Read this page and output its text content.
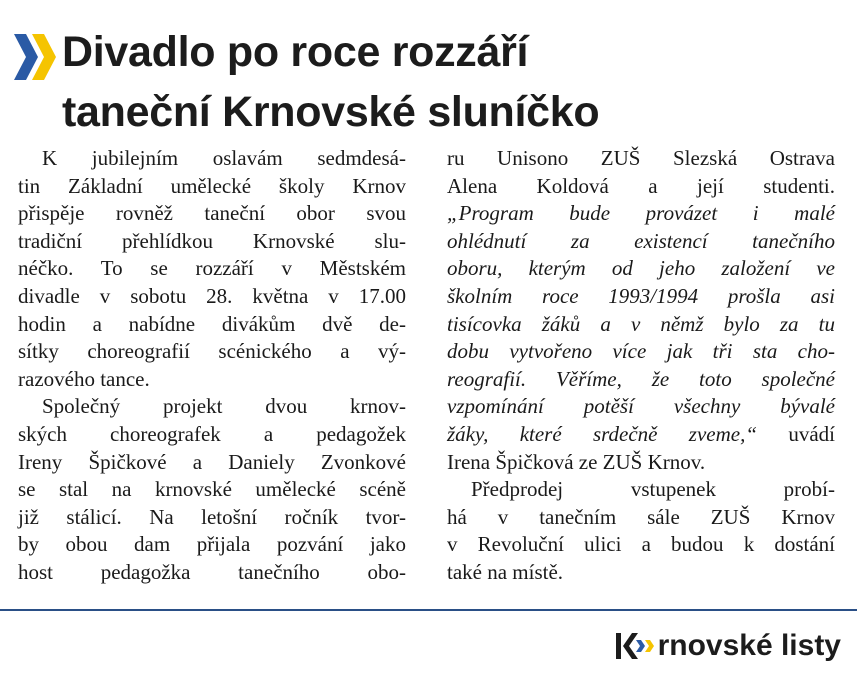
Divadlo po roce rozzáří
taneční Krnovské sluníčko
K jubilejním oslavám sedmdesá-
tin Základní umělecké školy Krnov
přispěje rovněž taneční obor svou
tradiční přehlídkou Krnovské slu-
néčko. To se rozzáří v Městském
divadle v sobotu 28. května v 17.00
hodin a nabídne divákům dvě de-
sítky choreografií scénického a vý-
razového tance.
Společný projekt dvou krnov-
ských choreografek a pedagožek
Ireny Špičkové a Daniely Zvonkové
se stal na krnovské umělecké scéně
již stálicí. Na letošní ročník tvor-
by obou dam přijala pozvání jako
host pedagožka tanečního obo-
ru Unisono ZUŠ Slezská Ostrava
Alena Koldová a její studenti.
„Program bude provázet i malé
ohlédnutí za existencí tanečního
oboru, kterým od jeho založení ve
školním roce 1993/1994 prošla asi
tisícovka žáků a v němž bylo za tu
dobu vytvořeno více jak tři sta cho-
reografií. Věříme, že toto společné
vzpomínání potěší všechny bývalé
žáky, které srdečně zveme,“ uvádí
Irena Špičková ze ZUŠ Krnov.
Předprodej vstupenek probí-
há v tanečním sále ZUŠ Krnov
v Revoluční ulici a budou k dostání
také na místě.
rnovské listy
